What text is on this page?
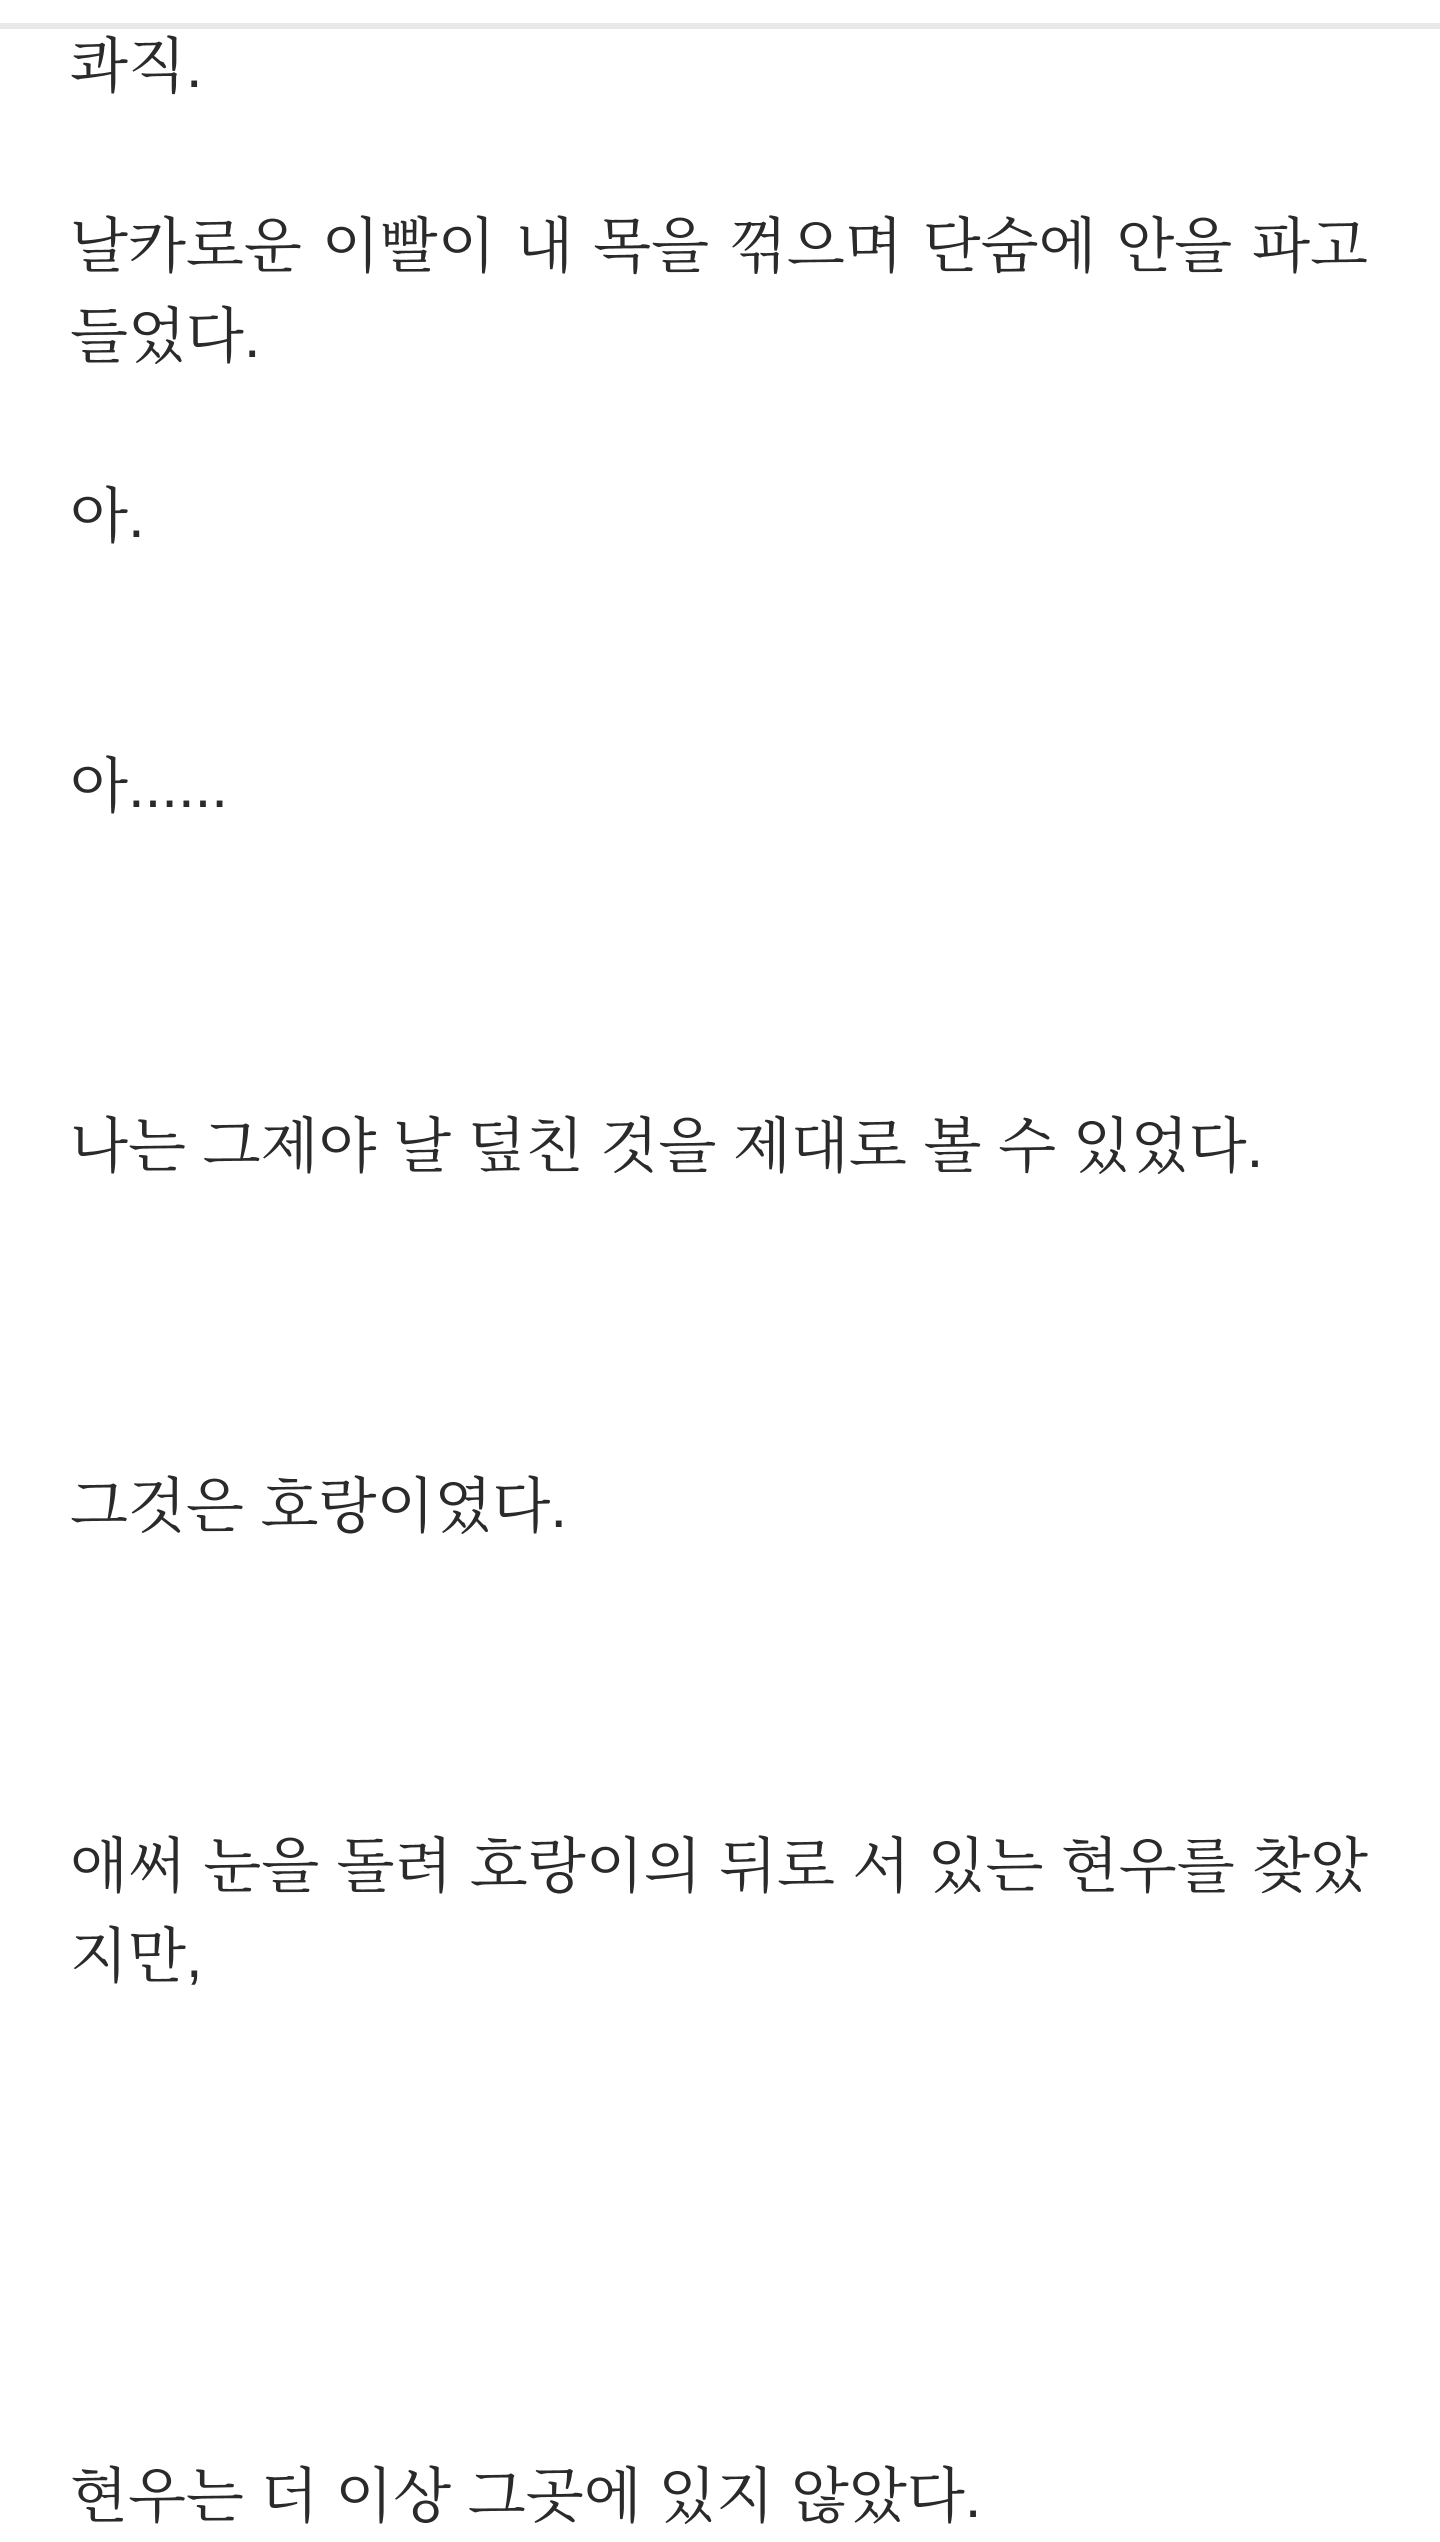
콰직.

날카로운 이빨이 내 목을 꺾으며 단숨에 안을 파고 들었다.

아.

아......

나는 그제야 날 덮친 것을 제대로 볼 수 있었다.

그것은 호랑이였다.

애써 눈을 돌려 호랑이의 뒤로 서 있는 현우를 찾았지만,

현우는 더 이상 그곳에 있지 않았다.
